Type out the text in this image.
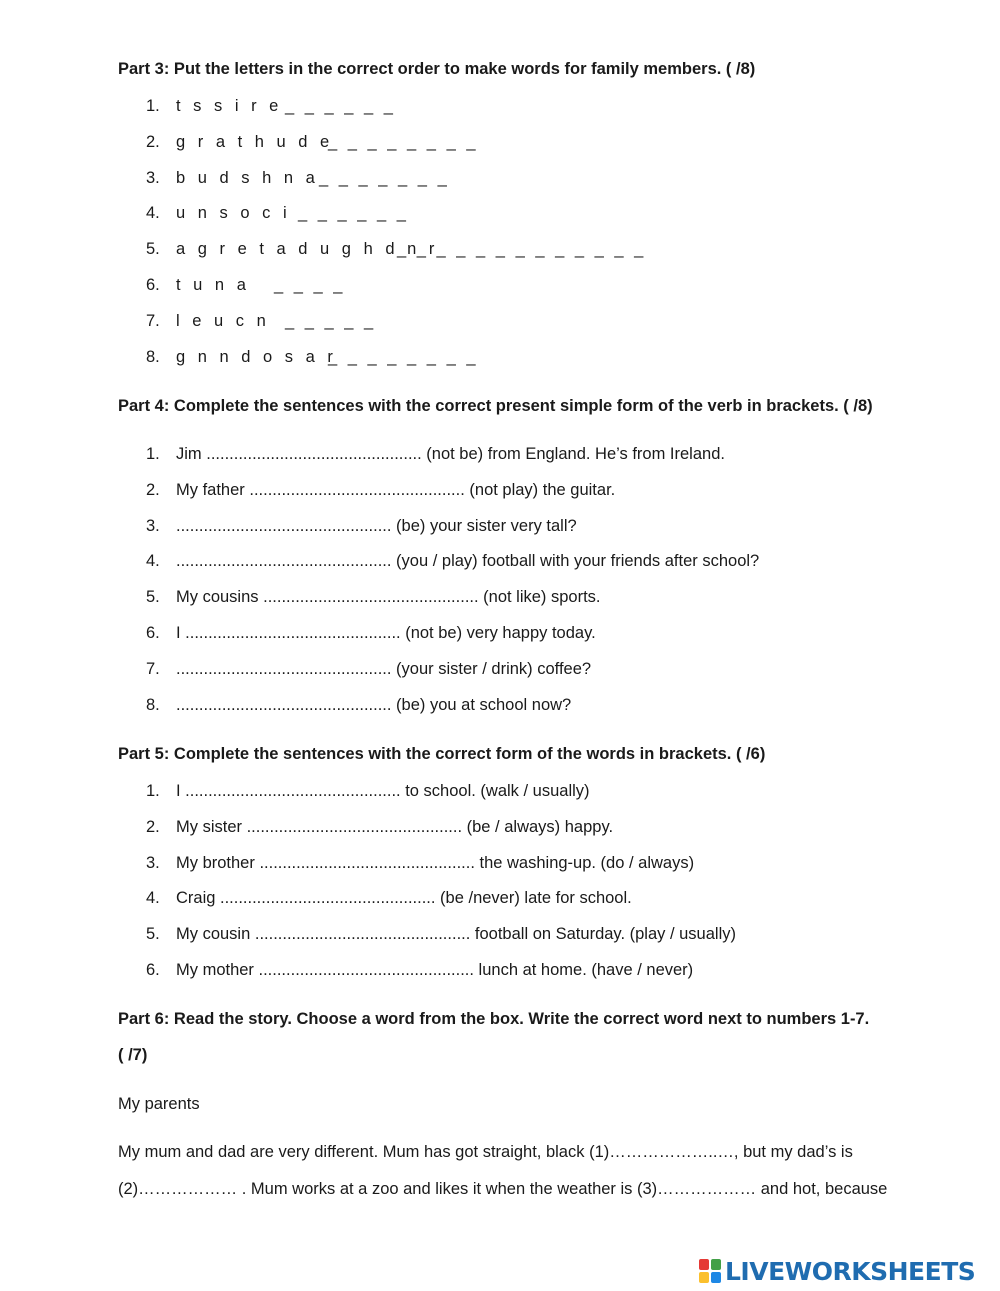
Part 3: Put the letters in the correct order to make words for family members. ( /8)
1. t s s i r e _ _ _ _ _ _
2. g r a t h u d e
_ _ _ _ _ _ _ _
3. b u d s h n a _ _ _ _ _ _ _
4. u n s o c i _ _ _ _ _ _
5. a g r e t a d u g h d n r
_ _ _ _ _ _ _ _ _ _ _ _ _
6. t u n a _ _ _ _
7. l e u c n _ _ _ _ _
8. g n n d o s a r
_ _ _ _ _ _ _ _
Part 4: Complete the sentences with the correct present simple form of the verb in brackets. ( /8)
1. Jim ............................................... (not be) from England. He’s from Ireland.
2. My father ............................................... (not play) the guitar.
3. ............................................... (be) your sister very tall?
4. ............................................... (you / play) football with your friends after school?
5. My cousins ............................................... (not like) sports.
6. I ............................................... (not be) very happy today.
7. ............................................... (your sister / drink) coffee?
8. ............................................... (be) you at school now?
Part 5: Complete the sentences with the correct form of the words in brackets. ( /6)
1. I ............................................... to school. (walk / usually)
2. My sister ............................................... (be / always) happy.
3. My brother ............................................... the washing-up. (do / always)
4. Craig ............................................... (be /never) late for school.
5. My cousin ............................................... football on Saturday. (play / usually)
6. My mother ............................................... lunch at home. (have / never)
Part 6: Read the story. Choose a word from the box. Write the correct word next to numbers 1-7.
( /7)
My parents
My mum and dad are very different. Mum has got straight, black (1)………………..…, but my dad’s is
(2)……………… . Mum works at a zoo and likes it when the weather is (3)……………… and hot, because
LIVEWORKSHEETS
